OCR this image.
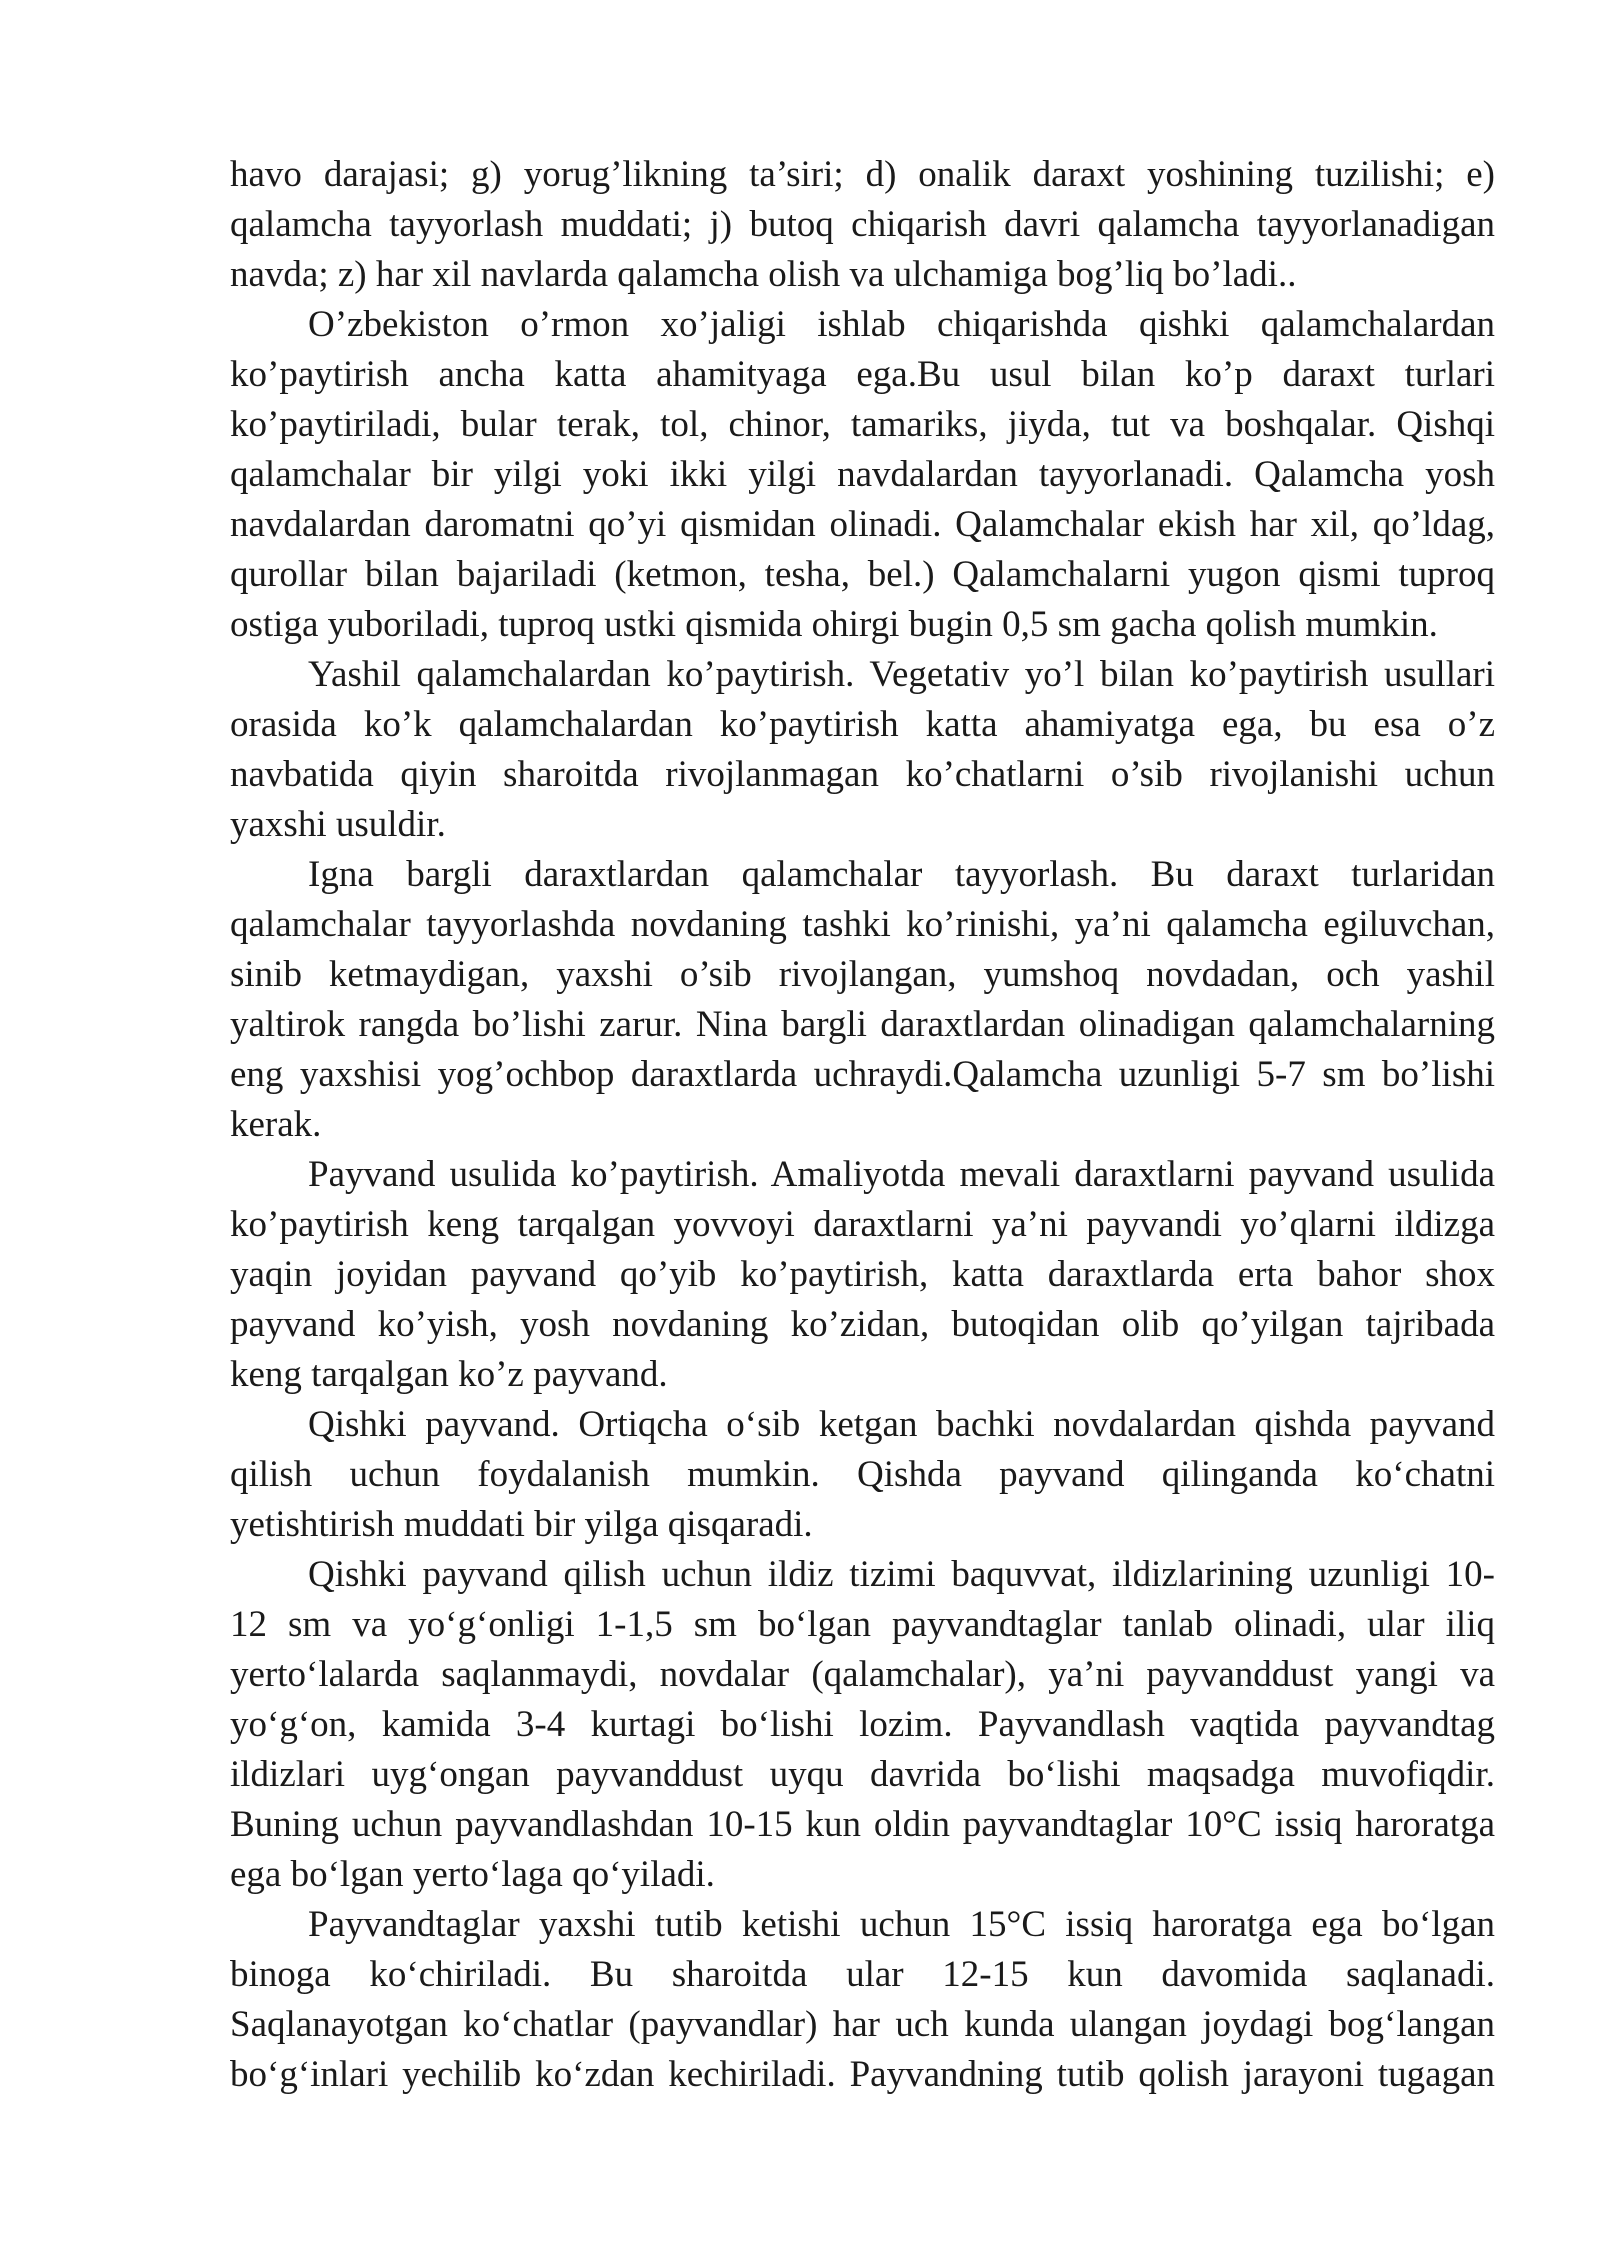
havo darajasi; g) yorug’likning ta’siri; d) onalik daraxt yoshining tuzilishi; e)
qalamcha tayyorlash muddati; j) butoq chiqarish davri qalamcha tayyorlanadigan
navda; z) har xil navlarda qalamcha olish va ulchamiga bog’liq bo’ladi..
O’zbekiston o’rmon xo’jaligi ishlab chiqarishda qishki qalamchalardan
ko’paytirish ancha katta ahamityaga ega.Bu usul bilan ko’p daraxt turlari
ko’paytiriladi, bular terak, tol, chinor, tamariks, jiyda, tut va boshqalar. Qishqi
qalamchalar bir yilgi yoki ikki yilgi navdalardan tayyorlanadi. Qalamcha yosh
navdalardan daromatni qo’yi qismidan olinadi. Qalamchalar ekish har xil, qo’ldag,
qurollar bilan bajariladi (ketmon, tesha, bel.) Qalamchalarni yugon qismi tuproq
ostiga yuboriladi, tuproq ustki qismida ohirgi bugin 0,5 sm gacha qolish mumkin.
Yashil qalamchalardan ko’paytirish. Vegetativ yo’l bilan ko’paytirish usullari
orasida ko’k qalamchalardan ko’paytirish katta ahamiyatga ega, bu esa o’z
navbatida qiyin sharoitda rivojlanmagan ko’chatlarni o’sib rivojlanishi uchun
yaxshi usuldir.
Igna bargli daraxtlardan qalamchalar tayyorlash. Bu daraxt turlaridan
qalamchalar tayyorlashda novdaning tashki ko’rinishi, ya’ni qalamcha egiluvchan,
sinib ketmaydigan, yaxshi o’sib rivojlangan, yumshoq novdadan, och yashil
yaltirok rangda bo’lishi zarur. Nina bargli daraxtlardan olinadigan qalamchalarning
eng yaxshisi yog’ochbop daraxtlarda uchraydi.Qalamcha uzunligi 5-7 sm bo’lishi
kerak.
Payvand usulida ko’paytirish. Amaliyotda mevali daraxtlarni payvand usulida
ko’paytirish keng tarqalgan yovvoyi daraxtlarni ya’ni payvandi yo’qlarni ildizga
yaqin joyidan payvand qo’yib ko’paytirish, katta daraxtlarda erta bahor shox
payvand ko’yish, yosh novdaning ko’zidan, butoqidan olib qo’yilgan tajribada
keng tarqalgan ko’z payvand.
Qishki payvand. Ortiqcha o‘sib ketgan bachki novdalardan qishda payvand
qilish uchun foydalanish mumkin. Qishda payvand qilinganda ko‘chatni
yetishtirish muddati bir yilga qisqaradi.
Qishki payvand qilish uchun ildiz tizimi baquvvat, ildizlarining uzunligi 10-
12 sm va yo‘g‘onligi 1-1,5 sm bo‘lgan payvandtaglar tanlab olinadi, ular iliq
yerto‘lalarda saqlanmaydi, novdalar (qalamchalar), ya’ni payvanddust yangi va
yo‘g‘on, kamida 3-4 kurtagi bo‘lishi lozim. Payvandlash vaqtida payvandtag
ildizlari uyg‘ongan payvanddust uyqu davrida bo‘lishi maqsadga muvofiqdir.
Buning uchun payvandlashdan 10-15 kun oldin payvandtaglar 10°C issiq haroratga
ega bo‘lgan yerto‘laga qo‘yiladi.
Payvandtaglar yaxshi tutib ketishi uchun 15°C issiq haroratga ega bo‘lgan
binoga ko‘chiriladi. Bu sharoitda ular 12-15 kun davomida saqlanadi.
Saqlanayotgan ko‘chatlar (payvandlar) har uch kunda ulangan joydagi bog‘langan
bo‘g‘inlari yechilib ko‘zdan kechiriladi. Payvandning tutib qolish jarayoni tugagan
